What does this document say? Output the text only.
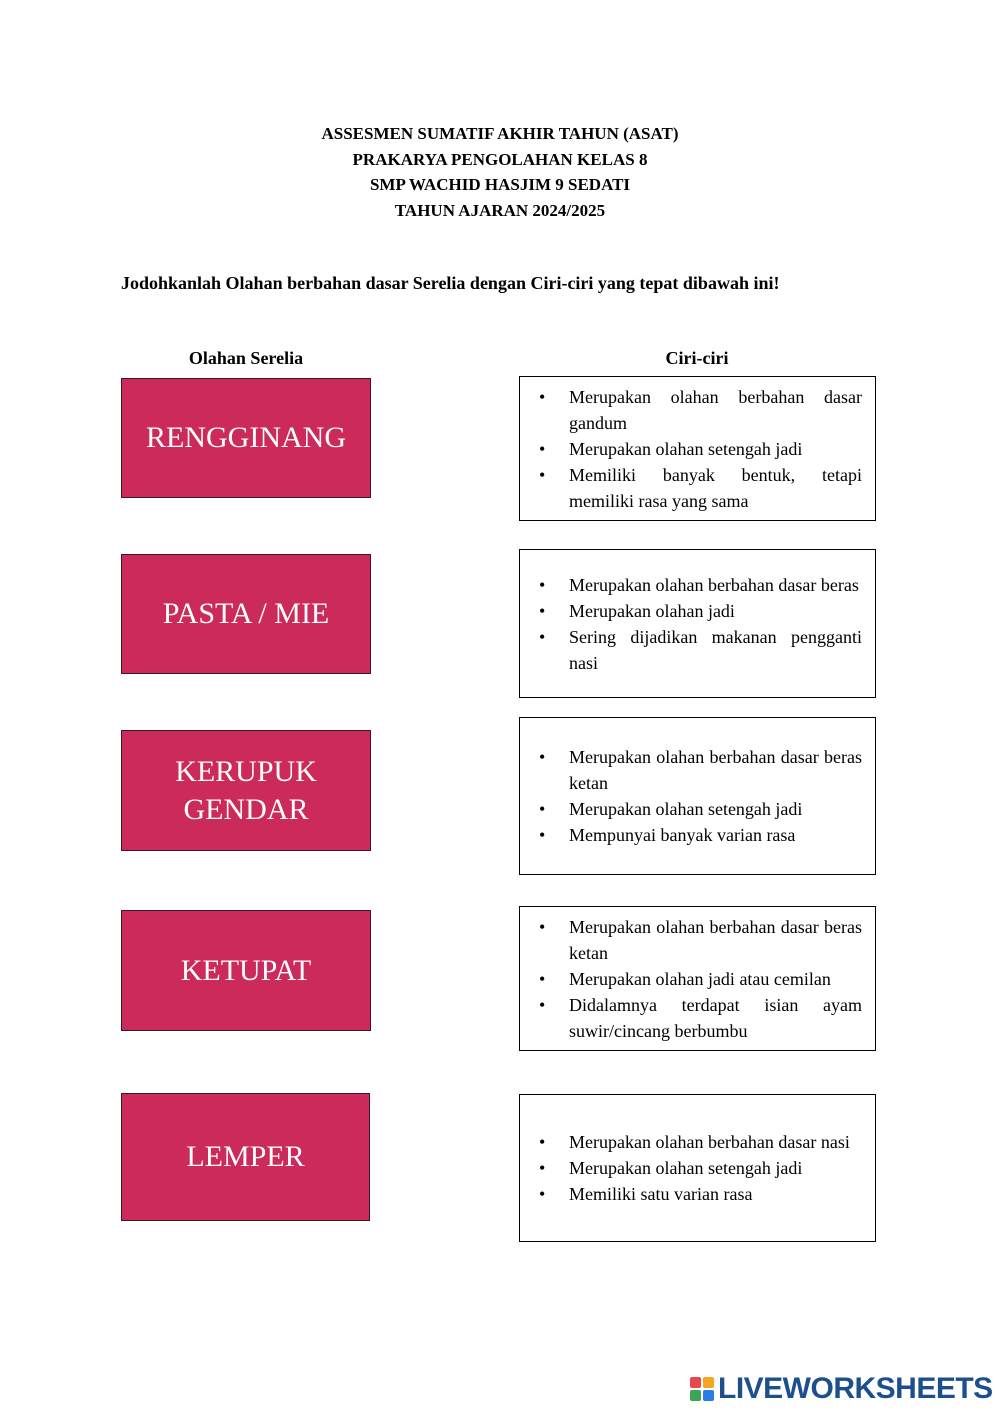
ASSESMEN SUMATIF AKHIR TAHUN (ASAT)
PRAKARYA PENGOLAHAN KELAS 8
SMP WACHID HASJIM 9 SEDATI
TAHUN AJARAN 2024/2025
Jodohkanlah Olahan berbahan dasar Serelia dengan Ciri-ciri yang tepat dibawah ini!
Olahan Serelia	Ciri-ciri
RENGGINANG
PASTA / MIE
KERUPUK
GENDAR
KETUPAT
LEMPER
• Merupakan olahan berbahan dasar gandum
• Merupakan olahan setengah jadi
• Memiliki banyak bentuk, tetapi memiliki rasa yang sama
• Merupakan olahan berbahan dasar beras
• Merupakan olahan jadi
• Sering dijadikan makanan pengganti nasi
• Merupakan olahan berbahan dasar beras ketan
• Merupakan olahan setengah jadi
• Mempunyai banyak varian rasa
• Merupakan olahan berbahan dasar beras ketan
• Merupakan olahan jadi atau cemilan
• Didalamnya terdapat isian ayam suwir/cincang berbumbu
• Merupakan olahan berbahan dasar nasi
• Merupakan olahan setengah jadi
• Memiliki satu varian rasa
LIVEWORKSHEETS
